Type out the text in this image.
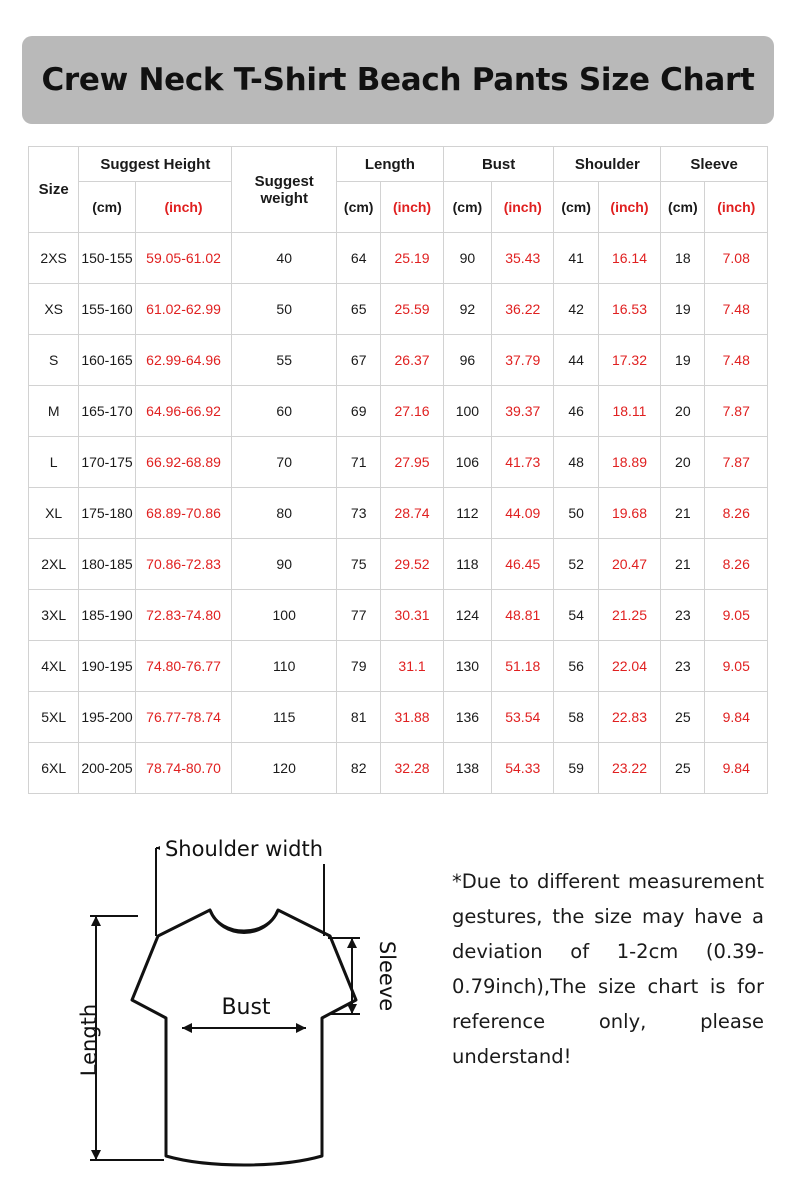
Crew Neck T-Shirt Beach Pants Size Chart
Size	Suggest Height		Suggest weight	Length		Bust		Shoulder		Sleeve	
	(cm)	(inch)		(cm)	(inch)	(cm)	(inch)	(cm)	(inch)	(cm)	(inch)
2XS	150-155	59.05-61.02	40	64	25.19	90	35.43	41	16.14	18	7.08
XS	155-160	61.02-62.99	50	65	25.59	92	36.22	42	16.53	19	7.48
S	160-165	62.99-64.96	55	67	26.37	96	37.79	44	17.32	19	7.48
M	165-170	64.96-66.92	60	69	27.16	100	39.37	46	18.11	20	7.87
L	170-175	66.92-68.89	70	71	27.95	106	41.73	48	18.89	20	7.87
XL	175-180	68.89-70.86	80	73	28.74	112	44.09	50	19.68	21	8.26
2XL	180-185	70.86-72.83	90	75	29.52	118	46.45	52	20.47	21	8.26
3XL	185-190	72.83-74.80	100	77	30.31	124	48.81	54	21.25	23	9.05
4XL	190-195	74.80-76.77	110	79	31.1	130	51.18	56	22.04	23	9.05
5XL	195-200	76.77-78.74	115	81	31.88	136	53.54	58	22.83	25	9.84
6XL	200-205	78.74-80.70	120	82	32.28	138	54.33	59	23.22	25	9.84
Shoulder width
Bust	Sleeve
Length
*Due to different measurement gestures, the size may have a deviation of 1-2cm (0.39-0.79inch),The size chart is for reference only, please understand!
